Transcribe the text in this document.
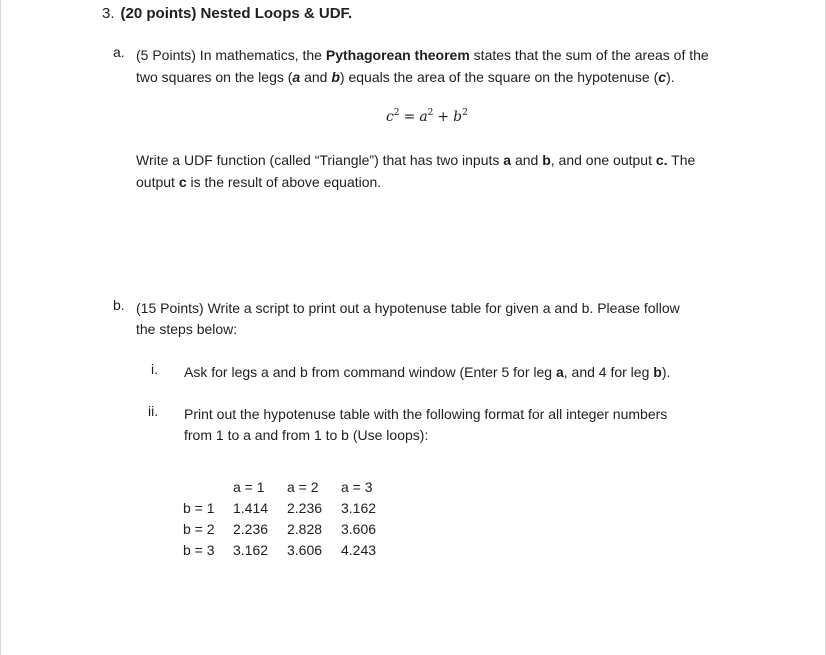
3. (20 points) Nested Loops & UDF.
a. (5 Points) In mathematics, the Pythagorean theorem states that the sum of the areas of the
two squares on the legs (a and b) equals the area of the square on the hypotenuse (c).
$c^2 = a^2 + b^2$
Write a UDF function (called “Triangle”) that has two inputs a and b, and one output c. The
output c is the result of above equation.
b. (15 Points) Write a script to print out a hypotenuse table for given a and b. Please follow
the steps below:
i. Ask for legs a and b from command window (Enter 5 for leg a, and 4 for leg b).
ii. Print out the hypotenuse table with the following format for all integer numbers
from 1 to a and from 1 to b (Use loops):
	a = 1	a = 2	a = 3
b = 1	1.414	2.236	3.162
b = 2	2.236	2.828	3.606
b = 3	3.162	3.606	4.243
